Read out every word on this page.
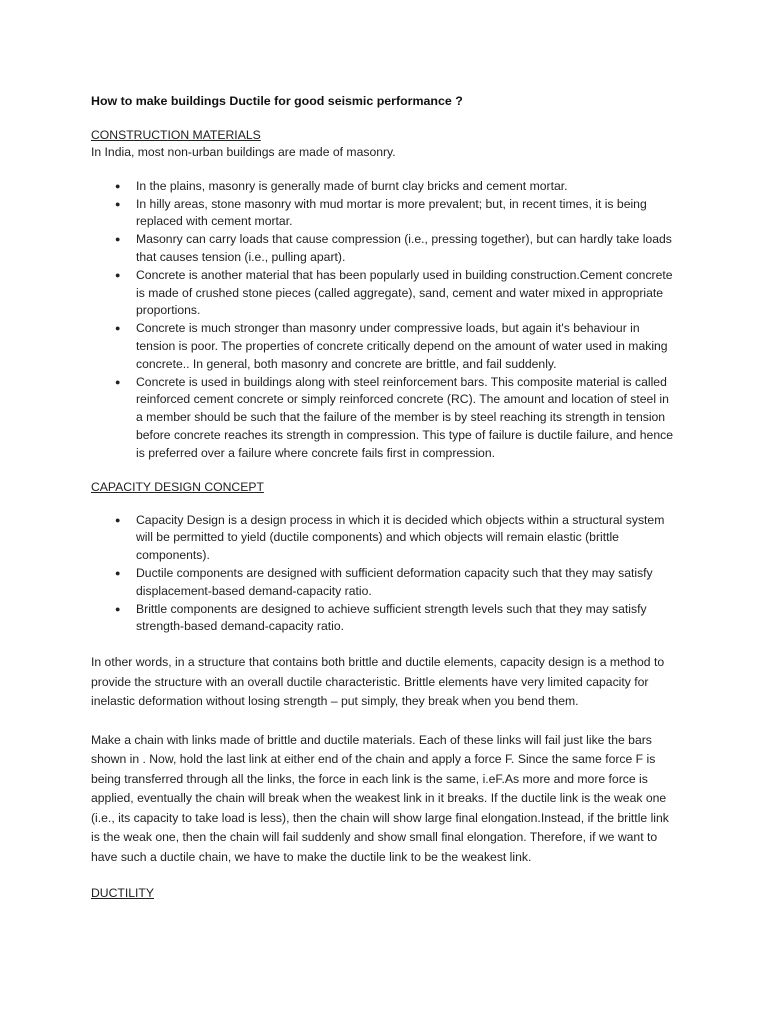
How to make buildings Ductile for good seismic performance ?

CONSTRUCTION MATERIALS

In India, most non-urban buildings are made of masonry.

● In the plains, masonry is generally made of burnt clay bricks and cement mortar.
● In hilly areas, stone masonry with mud mortar is more prevalent; but, in recent times, it is being replaced with cement mortar.
● Masonry can carry loads that cause compression (i.e., pressing together), but can hardly take loads that causes tension (i.e., pulling apart).
● Concrete is another material that has been popularly used in building construction.Cement concrete is made of crushed stone pieces (called aggregate), sand, cement and water mixed in appropriate proportions.
● Concrete is much stronger than masonry under compressive loads, but again it's behaviour in tension is poor. The properties of concrete critically depend on the amount of water used in making concrete.. In general, both masonry and concrete are brittle, and fail suddenly.
● Concrete is used in buildings along with steel reinforcement bars. This composite material is called reinforced cement concrete or simply reinforced concrete (RC). The amount and location of steel in a member should be such that the failure of the member is by steel reaching its strength in tension before concrete reaches its strength in compression. This type of failure is ductile failure, and hence is preferred over a failure where concrete fails first in compression.

CAPACITY DESIGN CONCEPT

● Capacity Design is a design process in which it is decided which objects within a structural system will be permitted to yield (ductile components) and which objects will remain elastic (brittle components).
● Ductile components are designed with sufficient deformation capacity such that they may satisfy displacement-based demand-capacity ratio.
● Brittle components are designed to achieve sufficient strength levels such that they may satisfy strength-based demand-capacity ratio.

In other words, in a structure that contains both brittle and ductile elements, capacity design is a method to provide the structure with an overall ductile characteristic. Brittle elements have very limited capacity for inelastic deformation without losing strength – put simply, they break when you bend them.

Make a chain with links made of brittle and ductile materials. Each of these links will fail just like the bars shown in . Now, hold the last link at either end of the chain and apply a force F. Since the same force F is being transferred through all the links, the force in each link is the same, i.eF.As more and more force is applied, eventually the chain will break when the weakest link in it breaks. If the ductile link is the weak one (i.e., its capacity to take load is less), then the chain will show large final elongation.Instead, if the brittle link is the weak one, then the chain will fail suddenly and show small final elongation. Therefore, if we want to have such a ductile chain, we have to make the ductile link to be the weakest link.

DUCTILITY
